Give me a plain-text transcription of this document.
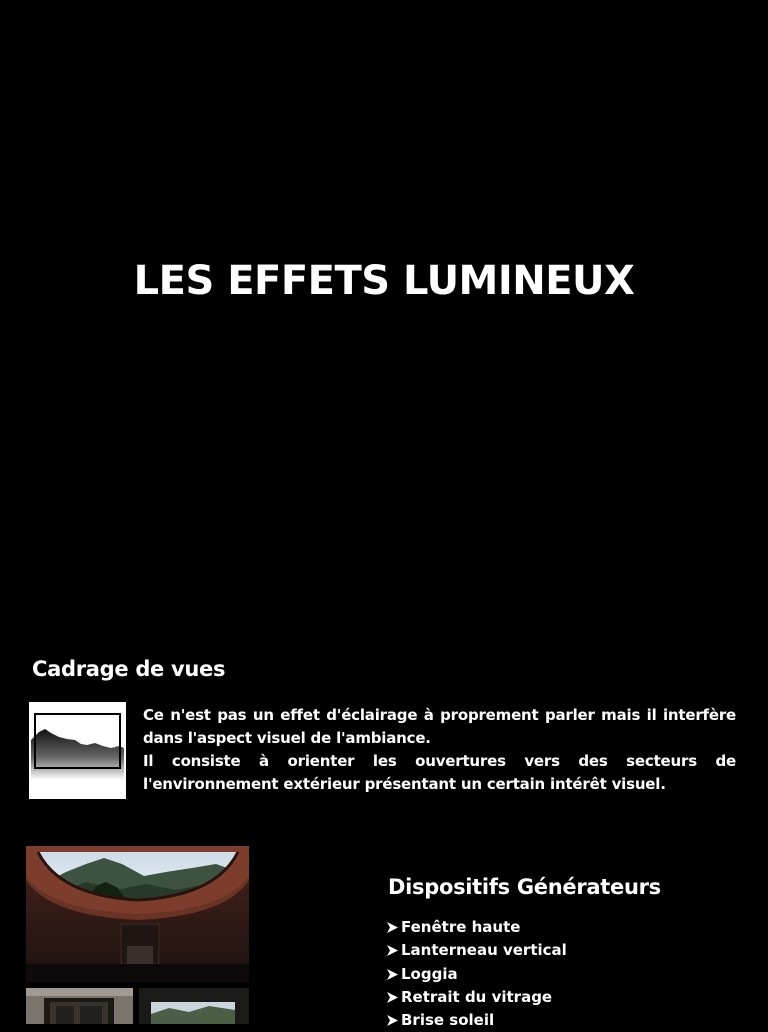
LES EFFETS LUMINEUX
Cadrage de vues

Ce n'est pas un effet d'éclairage à proprement parler mais il interfère dans l'aspect visuel de l'ambiance.

Il consiste à orienter les ouvertures vers des secteurs de l'environnement extérieur présentant un certain intérêt visuel.

Dispositifs Générateurs
Fenêtre haute
Lanterneau vertical
Loggia
Retrait du vitrage
Brise soleil
